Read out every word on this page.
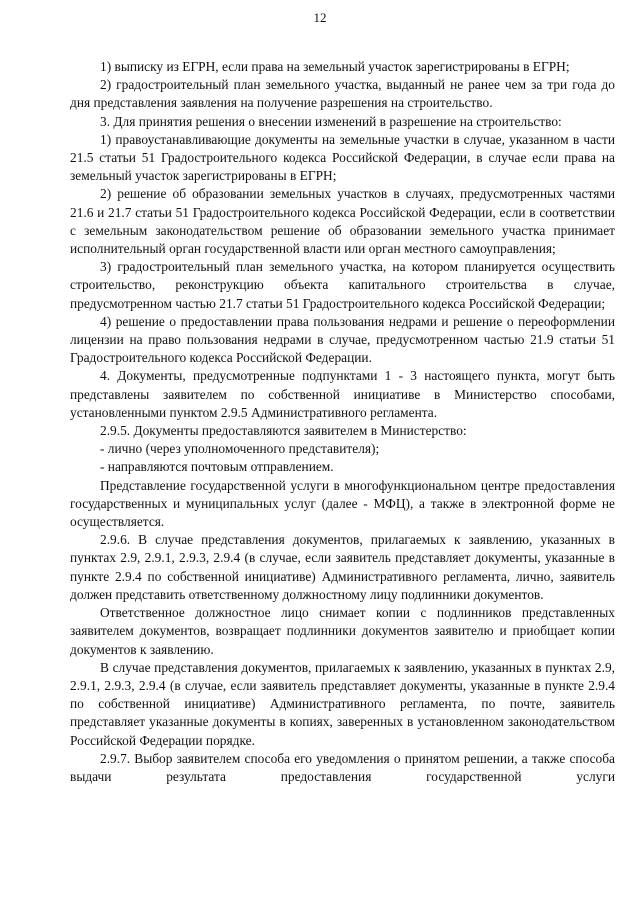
12

1) выписку из ЕГРН, если права на земельный участок зарегистрированы в ЕГРН;

2) градостроительный план земельного участка, выданный не ранее чем за три года до дня представления заявления на получение разрешения на строительство.

3. Для принятия решения о внесении изменений в разрешение на строительство:

1) правоустанавливающие документы на земельные участки в случае, указанном в части 21.5 статьи 51 Градостроительного кодекса Российской Федерации, в случае если права на земельный участок зарегистрированы в ЕГРН;

2) решение об образовании земельных участков в случаях, предусмотренных частями 21.6 и 21.7 статьи 51 Градостроительного кодекса Российской Федерации, если в соответствии с земельным законодательством решение об образовании земельного участка принимает исполнительный орган государственной власти или орган местного самоуправления;

3) градостроительный план земельного участка, на котором планируется осуществить строительство, реконструкцию объекта капитального строительства в случае, предусмотренном частью 21.7 статьи 51 Градостроительного кодекса Российской Федерации;

4) решение о предоставлении права пользования недрами и решение о переоформлении лицензии на право пользования недрами в случае, предусмотренном частью 21.9 статьи 51 Градостроительного кодекса Российской Федерации.

4. Документы, предусмотренные подпунктами 1 - 3 настоящего пункта, могут быть представлены заявителем по собственной инициативе в Министерство способами, установленными пунктом 2.9.5 Административного регламента.

2.9.5. Документы предоставляются заявителем в Министерство:

- лично (через уполномоченного представителя);

- направляются почтовым отправлением.

Представление государственной услуги в многофункциональном центре предоставления государственных и муниципальных услуг (далее - МФЦ), а также в электронной форме не осуществляется.

2.9.6. В случае представления документов, прилагаемых к заявлению, указанных в пунктах 2.9, 2.9.1, 2.9.3, 2.9.4 (в случае, если заявитель представляет документы, указанные в пункте 2.9.4 по собственной инициативе) Административного регламента, лично, заявитель должен представить ответственному должностному лицу подлинники документов.

Ответственное должностное лицо снимает копии с подлинников представленных заявителем документов, возвращает подлинники документов заявителю и приобщает копии документов к заявлению.

В случае представления документов, прилагаемых к заявлению, указанных в пунктах 2.9, 2.9.1, 2.9.3, 2.9.4 (в случае, если заявитель представляет документы, указанные в пункте 2.9.4 по собственной инициативе) Административного регламента, по почте, заявитель представляет указанные документы в копиях, заверенных в установленном законодательством Российской Федерации порядке.

2.9.7. Выбор заявителем способа его уведомления о принятом решении, а также способа выдачи результата предоставления государственной услуги
